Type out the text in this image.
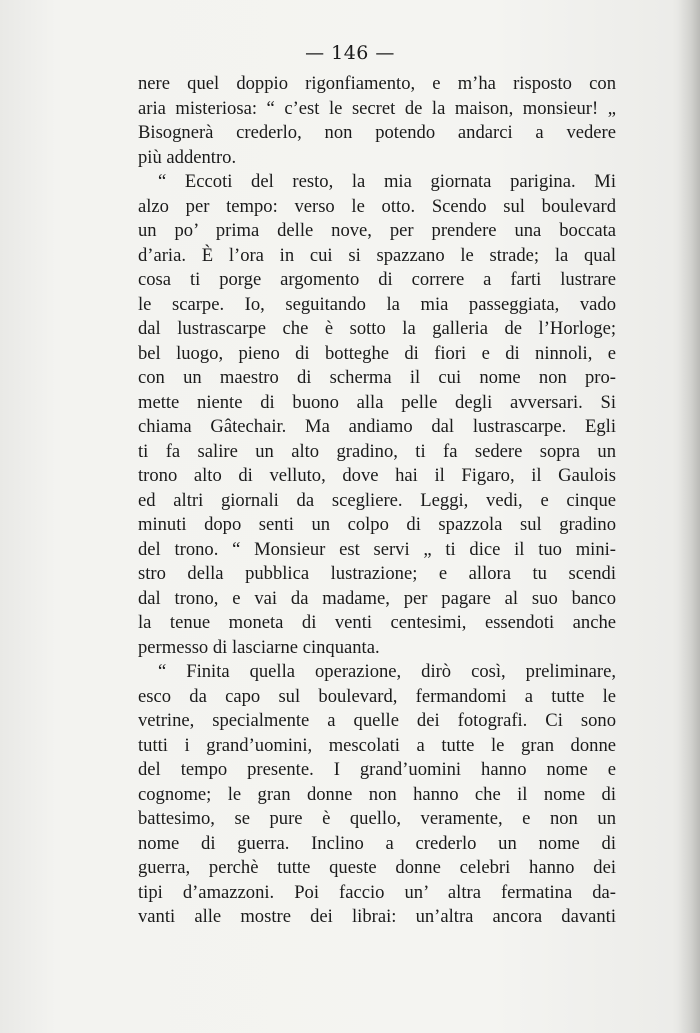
— 146 —
nere quel doppio rigonfiamento, e m’ha risposto con
aria misteriosa: “ c’est le secret de la maison, monsieur! „
Bisognerà crederlo, non potendo andarci a vedere
più addentro.
“ Eccoti del resto, la mia giornata parigina. Mi
alzo per tempo: verso le otto. Scendo sul boulevard
un po’ prima delle nove, per prendere una boccata
d’aria. È l’ora in cui si spazzano le strade; la qual
cosa ti porge argomento di correre a farti lustrare
le scarpe. Io, seguitando la mia passeggiata, vado
dal lustrascarpe che è sotto la galleria de l’Horloge;
bel luogo, pieno di botteghe di fiori e di ninnoli, e
con un maestro di scherma il cui nome non pro-
mette niente di buono alla pelle degli avversari. Si
chiama Gâtechair. Ma andiamo dal lustrascarpe. Egli
ti fa salire un alto gradino, ti fa sedere sopra un
trono alto di velluto, dove hai il Figaro, il Gaulois
ed altri giornali da scegliere. Leggi, vedi, e cinque
minuti dopo senti un colpo di spazzola sul gradino
del trono. “ Monsieur est servi „ ti dice il tuo mini-
stro della pubblica lustrazione; e allora tu scendi
dal trono, e vai da madame, per pagare al suo banco
la tenue moneta di venti centesimi, essendoti anche
permesso di lasciarne cinquanta.
“ Finita quella operazione, dirò così, preliminare,
esco da capo sul boulevard, fermandomi a tutte le
vetrine, specialmente a quelle dei fotografi. Ci sono
tutti i grand’uomini, mescolati a tutte le gran donne
del tempo presente. I grand’uomini hanno nome e
cognome; le gran donne non hanno che il nome di
battesimo, se pure è quello, veramente, e non un
nome di guerra. Inclino a crederlo un nome di
guerra, perchè tutte queste donne celebri hanno dei
tipi d’amazzoni. Poi faccio un’ altra fermatina da-
vanti alle mostre dei librai: un’altra ancora davanti
